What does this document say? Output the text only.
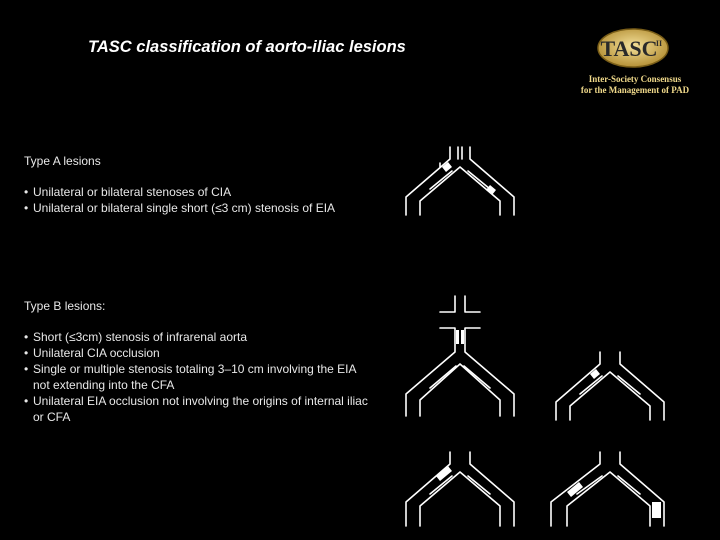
TASC classification of aorto-iliac lesions	TASC
II
Inter-Society Consensus
for the Management of PAD
Type A lesions
• Unilateral or bilateral stenoses of CIA
• Unilateral or bilateral single short (≤3 cm) stenosis of EIA
Type B lesions:
• Short (≤3cm) stenosis of infrarenal aorta
• Unilateral CIA occlusion
• Single or multiple stenosis totaling 3–10 cm involving the EIA not extending into the CFA
• Unilateral EIA occlusion not involving the origins of internal iliac or CFA
